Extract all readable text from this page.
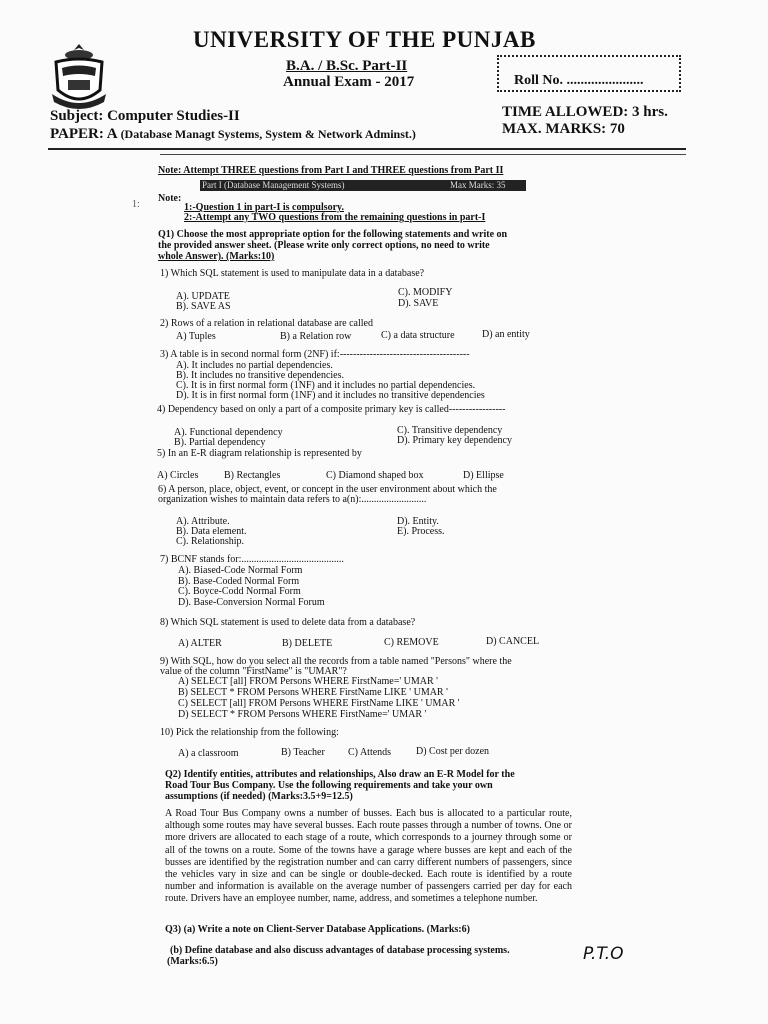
UNIVERSITY OF THE PUNJAB
B.A. / B.Sc. Part-II
Annual Exam - 2017	Roll No. ......................
Subject: Computer Studies-II
PAPER: A (Database Managt Systems, System & Network Adminst.)
TIME ALLOWED: 3 hrs.
MAX. MARKS: 70
Note: Attempt THREE questions from Part I and THREE questions from Part II
Part I (Database Management Systems)	Max Marks: 35
Note:
1:-Question 1 in part-I is compulsory.
2:-Attempt any TWO questions from the remaining questions in part-I
1:
Q1) Choose the most appropriate option for the following statements and write on
the provided answer sheet. (Please write only correct options, no need to write
whole Answer). (Marks:10)
1) Which SQL statement is used to manipulate data in a database?
A). UPDATE
B). SAVE AS
C). MODIFY
D). SAVE
2) Rows of a relation in relational database are called
A) Tuples	B) a Relation row	C) a data structure	D) an entity
3) A table is in second normal form (2NF) if:---------------------------------------
A). It includes no partial dependencies.
B). It includes no transitive dependencies.
C). It is in first normal form (1NF) and it includes no partial dependencies.
D). It is in first normal form (1NF) and it includes no transitive dependencies
4) Dependency based on only a part of a composite primary key is called-----------------
A). Functional dependency
B). Partial dependency
C). Transitive dependency
D). Primary key dependency
5) In an E-R diagram relationship is represented by
A) Circles	B) Rectangles	C) Diamond shaped box	D) Ellipse
6) A person, place, object, event, or concept in the user environment about which the
organization wishes to maintain data refers to a(n):..........................
A). Attribute.
B). Data element.
C). Relationship.
D). Entity.
E). Process.
7) BCNF stands for:.........................................
A). Biased-Code Normal Form
B). Base-Coded Normal Form
C). Boyce-Codd Normal Form
D). Base-Conversion Normal Forum
8) Which SQL statement is used to delete data from a database?
A) ALTER	B) DELETE	C) REMOVE	D) CANCEL
9) With SQL, how do you select all the records from a table named "Persons" where the
value of the column "FirstName" is "UMAR"?
A) SELECT [all] FROM Persons WHERE FirstName=' UMAR '
B) SELECT * FROM Persons WHERE FirstName LIKE ' UMAR '
C) SELECT [all] FROM Persons WHERE FirstName LIKE ' UMAR '
D) SELECT * FROM Persons WHERE FirstName=' UMAR '
10) Pick the relationship from the following:
A) a classroom	B) Teacher C) Attends D) Cost per dozen
Q2) Identify entities, attributes and relationships, Also draw an E-R Model for the
Road Tour Bus Company. Use the following requirements and take your own
assumptions (if needed) (Marks:3.5+9=12.5)
A Road Tour Bus Company owns a number of busses. Each bus is allocated to a particular route, although some routes may have several busses. Each route passes through a number of towns. One or more drivers are allocated to each stage of a route, which corresponds to a journey through some or all of the towns on a route. Some of the towns have a garage where busses are kept and each of the busses are identified by the registration number and can carry different numbers of passengers, since the vehicles vary in size and can be single or double-decked. Each route is identified by a route number and information is available on the average number of passengers carried per day for each route. Drivers have an employee number, name, address, and sometimes a telephone number.
Q3) (a) Write a note on Client-Server Database Applications. (Marks:6)
(b) Define database and also discuss advantages of database processing systems.
(Marks:6.5)	P.T.O
